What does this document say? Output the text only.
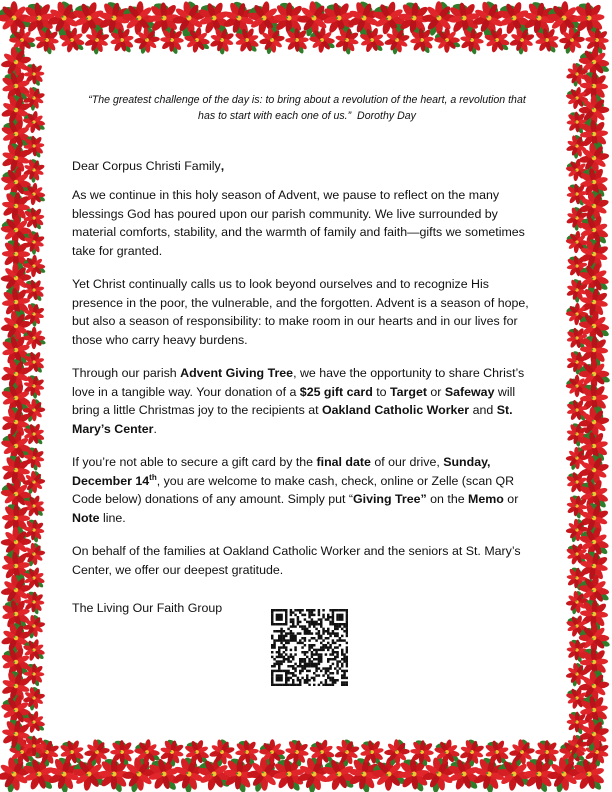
“The greatest challenge of the day is: to bring about a revolution of the heart, a revolution that
has to start with each one of us.” Dorothy Day
Dear Corpus Christi Family,

As we continue in this holy season of Advent, we pause to reflect on the many blessings God has poured upon our parish community. We live surrounded by material comforts, stability, and the warmth of family and faith—gifts we sometimes take for granted.

Yet Christ continually calls us to look beyond ourselves and to recognize His presence in the poor, the vulnerable, and the forgotten. Advent is a season of hope, but also a season of responsibility: to make room in our hearts and in our lives for those who carry heavy burdens.

Through our parish Advent Giving Tree, we have the opportunity to share Christ’s love in a tangible way. Your donation of a $25 gift card to Target or Safeway will bring a little Christmas joy to the recipients at Oakland Catholic Worker and St. Mary’s Center.

If you’re not able to secure a gift card by the final date of our drive, Sunday, December 14th, you are welcome to make cash, check, online or Zelle (scan QR Code below) donations of any amount. Simply put “Giving Tree” on the Memo or Note line.

On behalf of the families at Oakland Catholic Worker and the seniors at St. Mary’s Center, we offer our deepest gratitude.

The Living Our Faith Group
